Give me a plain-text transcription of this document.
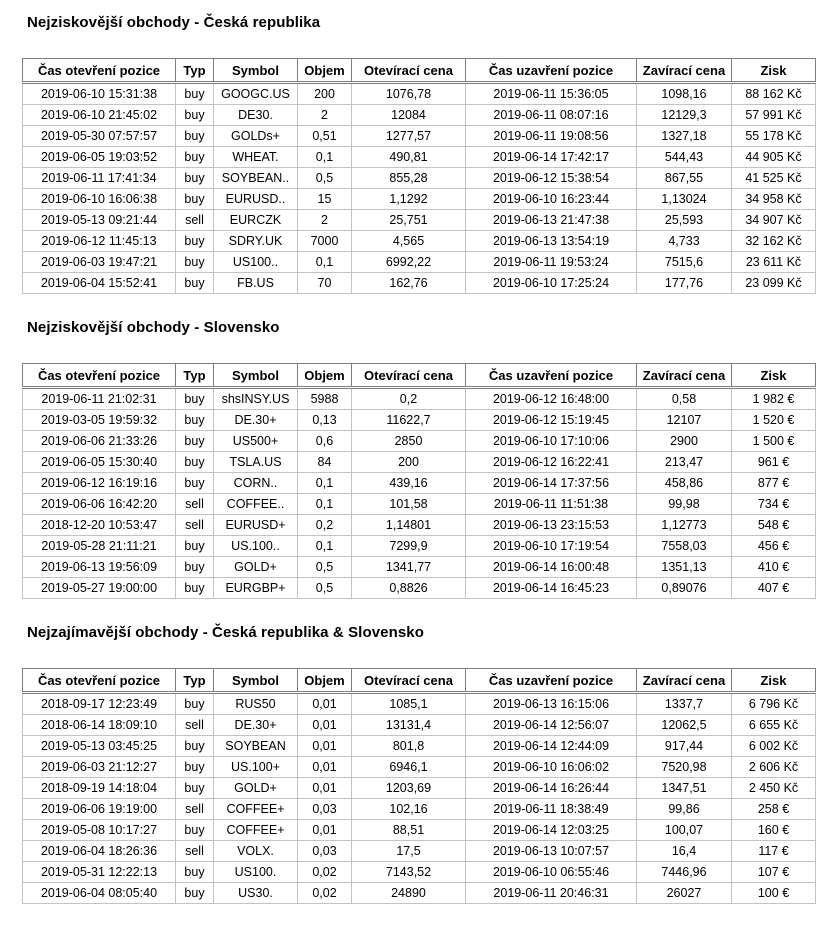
Nejziskovější obchody - Česká republika
Čas otevření pozice	Typ	Symbol	Objem	Otevírací cena	Čas uzavření pozice	Zavírací cena	Zisk
2019-06-10 15:31:38	buy	GOOGC.US	200	1076,78	2019-06-11 15:36:05	1098,16	88 162 Kč
2019-06-10 21:45:02	buy	DE30.	2	12084	2019-06-11 08:07:16	12129,3	57 991 Kč
2019-05-30 07:57:57	buy	GOLDs+	0,51	1277,57	2019-06-11 19:08:56	1327,18	55 178 Kč
2019-06-05 19:03:52	buy	WHEAT.	0,1	490,81	2019-06-14 17:42:17	544,43	44 905 Kč
2019-06-11 17:41:34	buy	SOYBEAN..	0,5	855,28	2019-06-12 15:38:54	867,55	41 525 Kč
2019-06-10 16:06:38	buy	EURUSD..	15	1,1292	2019-06-10 16:23:44	1,13024	34 958 Kč
2019-05-13 09:21:44	sell	EURCZK	2	25,751	2019-06-13 21:47:38	25,593	34 907 Kč
2019-06-12 11:45:13	buy	SDRY.UK	7000	4,565	2019-06-13 13:54:19	4,733	32 162 Kč
2019-06-03 19:47:21	buy	US100..	0,1	6992,22	2019-06-11 19:53:24	7515,6	23 611 Kč
2019-06-04 15:52:41	buy	FB.US	70	162,76	2019-06-10 17:25:24	177,76	23 099 Kč
Nejziskovější obchody - Slovensko
Čas otevření pozice	Typ	Symbol	Objem	Otevírací cena	Čas uzavření pozice	Zavírací cena	Zisk
2019-06-11 21:02:31	buy	shsINSY.US	5988	0,2	2019-06-12 16:48:00	0,58	1 982 €
2019-03-05 19:59:32	buy	DE.30+	0,13	11622,7	2019-06-12 15:19:45	12107	1 520 €
2019-06-06 21:33:26	buy	US500+	0,6	2850	2019-06-10 17:10:06	2900	1 500 €
2019-06-05 15:30:40	buy	TSLA.US	84	200	2019-06-12 16:22:41	213,47	961 €
2019-06-12 16:19:16	buy	CORN..	0,1	439,16	2019-06-14 17:37:56	458,86	877 €
2019-06-06 16:42:20	sell	COFFEE..	0,1	101,58	2019-06-11 11:51:38	99,98	734 €
2018-12-20 10:53:47	sell	EURUSD+	0,2	1,14801	2019-06-13 23:15:53	1,12773	548 €
2019-05-28 21:11:21	buy	US.100..	0,1	7299,9	2019-06-10 17:19:54	7558,03	456 €
2019-06-13 19:56:09	buy	GOLD+	0,5	1341,77	2019-06-14 16:00:48	1351,13	410 €
2019-05-27 19:00:00	buy	EURGBP+	0,5	0,8826	2019-06-14 16:45:23	0,89076	407 €
Nejzajímavější obchody - Česká republika & Slovensko
Čas otevření pozice	Typ	Symbol	Objem	Otevírací cena	Čas uzavření pozice	Zavírací cena	Zisk
2018-09-17 12:23:49	buy	RUS50	0,01	1085,1	2019-06-13 16:15:06	1337,7	6 796 Kč
2018-06-14 18:09:10	sell	DE.30+	0,01	13131,4	2019-06-14 12:56:07	12062,5	6 655 Kč
2019-05-13 03:45:25	buy	SOYBEAN	0,01	801,8	2019-06-14 12:44:09	917,44	6 002 Kč
2019-06-03 21:12:27	buy	US.100+	0,01	6946,1	2019-06-10 16:06:02	7520,98	2 606 Kč
2018-09-19 14:18:04	buy	GOLD+	0,01	1203,69	2019-06-14 16:26:44	1347,51	2 450 Kč
2019-06-06 19:19:00	sell	COFFEE+	0,03	102,16	2019-06-11 18:38:49	99,86	258 €
2019-05-08 10:17:27	buy	COFFEE+	0,01	88,51	2019-06-14 12:03:25	100,07	160 €
2019-06-04 18:26:36	sell	VOLX.	0,03	17,5	2019-06-13 10:07:57	16,4	117 €
2019-05-31 12:22:13	buy	US100.	0,02	7143,52	2019-06-10 06:55:46	7446,96	107 €
2019-06-04 08:05:40	buy	US30.	0,02	24890	2019-06-11 20:46:31	26027	100 €
